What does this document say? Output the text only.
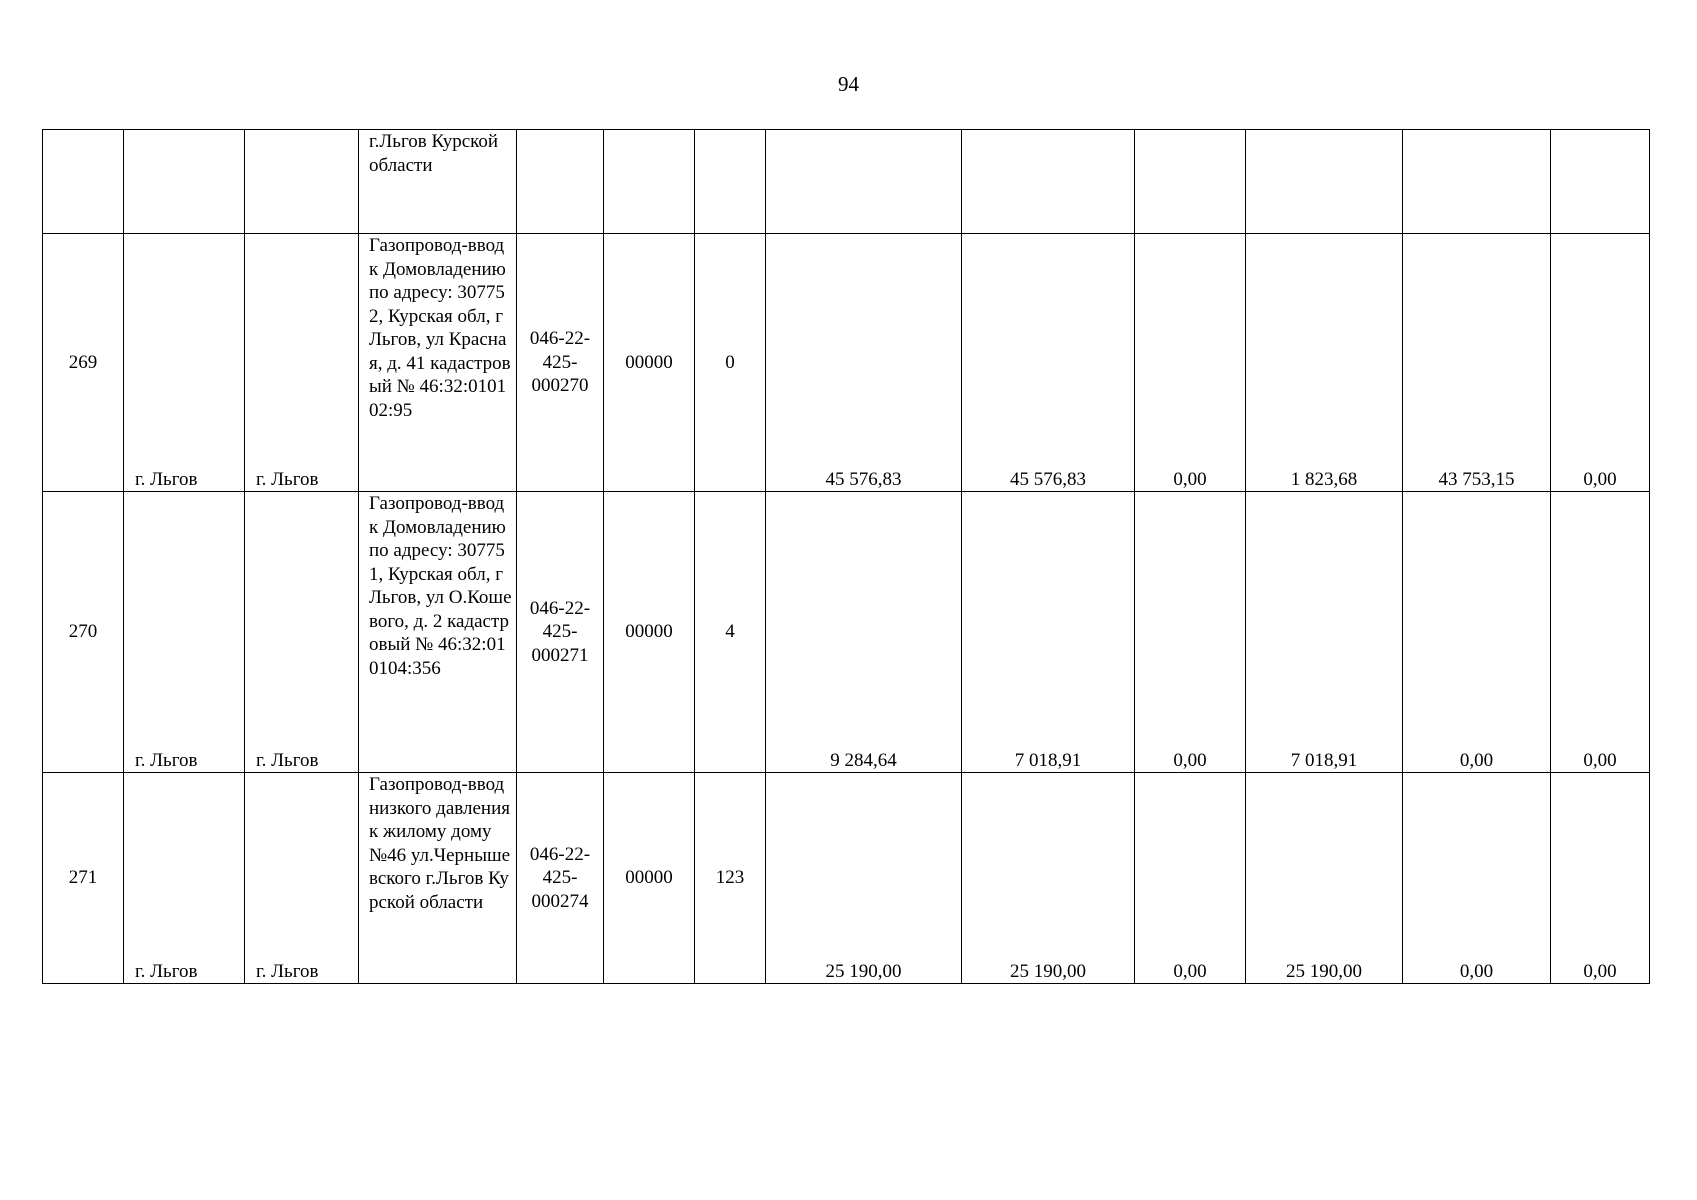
94
			г.Льгов Курской области									
269	г. Льгов	г. Льгов	Газопровод-ввод к Домовладению по адресу: 307752, Курская обл, г Льгов, ул Красная, д. 41 кадастровый № 46:32:010102:95	046-22-425-000270	00000	0	45 576,83	45 576,83	0,00	1 823,68	43 753,15	0,00
270	г. Льгов	г. Льгов	Газопровод-ввод к Домовладению по адресу: 307751, Курская обл, г Льгов, ул О.Кошевого, д. 2 кадастровый № 46:32:010104:356	046-22-425-000271	00000	4	9 284,64	7 018,91	0,00	7 018,91	0,00	0,00
271	г. Льгов	г. Льгов	Газопровод-ввод низкого давления к жилому дому №46 ул.Чернышевского г.Льгов Курской области	046-22-425-000274	00000	123	25 190,00	25 190,00	0,00	25 190,00	0,00	0,00
